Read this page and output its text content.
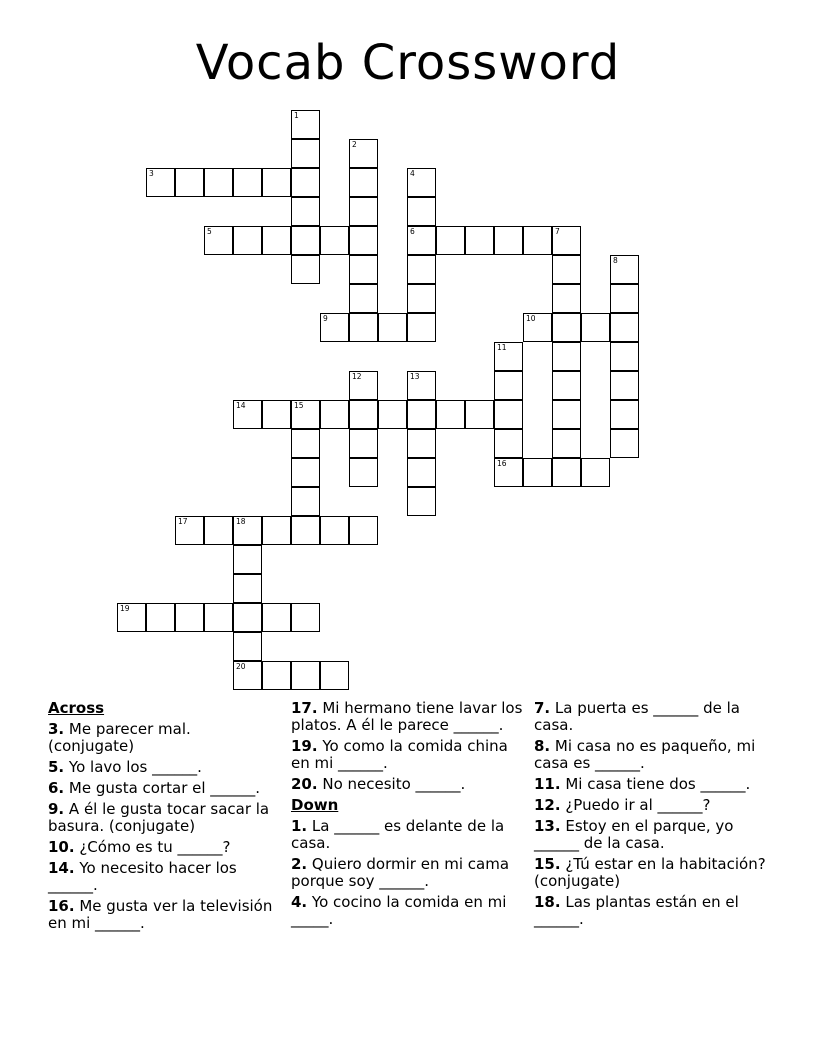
Vocab Crossword
1
2
3	4
6
5	7
8
9	10
11
16
12	13
14	15
17	18
20
19
Across
3. Me parecer mal. (conjugate)
5. Yo lavo los ______.
6. Me gusta cortar el ______.
9. A él le gusta tocar sacar la basura. (conjugate)
10. ¿Cómo es tu ______?
14. Yo necesito hacer los ______.
16. Me gusta ver la televisión en mi ______.
17. Mi hermano tiene lavar los platos. A él le parece ______.
19. Yo como la comida china en mi ______.
20. No necesito ______.
Down
1. La ______ es delante de la casa.
2. Quiero dormir en mi cama porque soy ______.
4. Yo cocino la comida en mi _____.
7. La puerta es ______ de la casa.
8. Mi casa no es paqueño, mi casa es ______.
11. Mi casa tiene dos ______.
12. ¿Puedo ir al ______?
13. Estoy en el parque, yo ______ de la casa.
15. ¿Tú estar en la habitación? (conjugate)
18. Las plantas están en el ______.
